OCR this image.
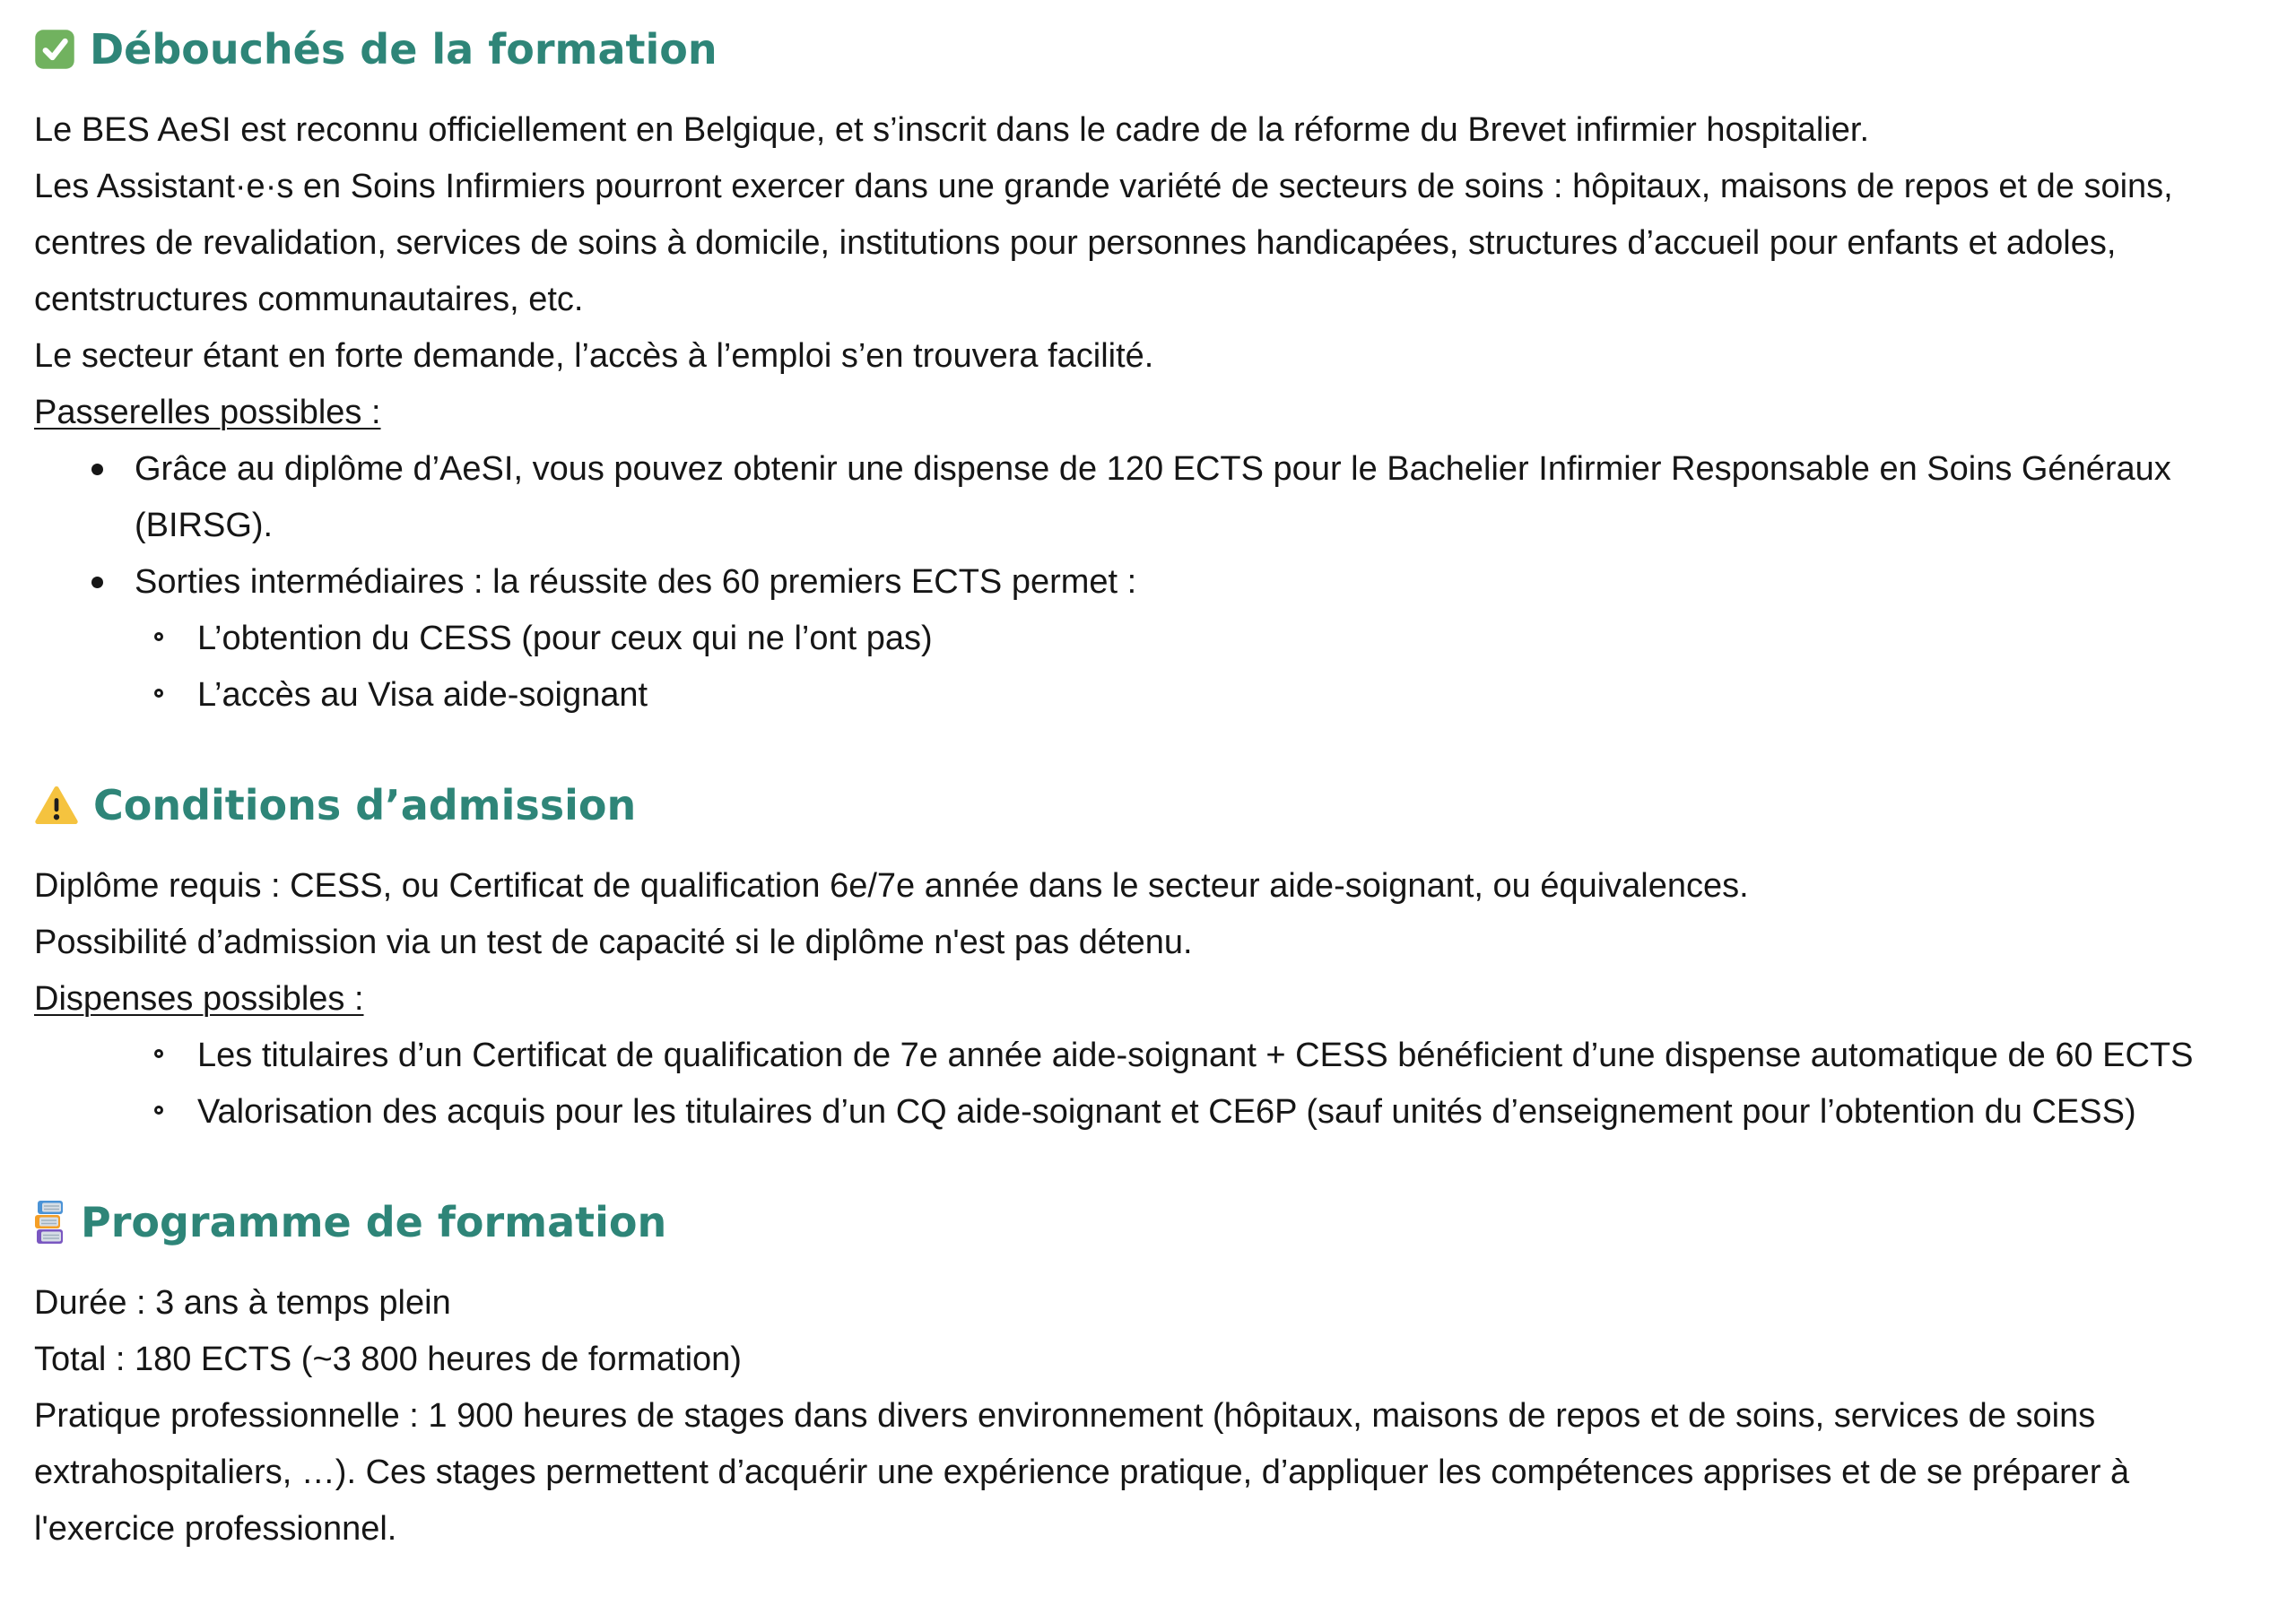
Débouchés de la formation

Le BES AeSI est reconnu officiellement en Belgique, et s’inscrit dans le cadre de la réforme du Brevet infirmier hospitalier.

Les Assistant·e·s en Soins Infirmiers pourront exercer dans une grande variété de secteurs de soins : hôpitaux, maisons de repos et de soins, centres de revalidation, services de soins à domicile, institutions pour personnes handicapées, structures d’accueil pour enfants et adoles, centstructures communautaires, etc.

Le secteur étant en forte demande, l’accès à l’emploi s’en trouvera facilité.

Passerelles possibles :

Grâce au diplôme d’AeSI, vous pouvez obtenir une dispense de 120 ECTS pour le Bachelier Infirmier Responsable en Soins Généraux (BIRSG).
Sorties intermédiaires : la réussite des 60 premiers ECTS permet :
L’obtention du CESS (pour ceux qui ne l’ont pas)
L’accès au Visa aide-soignant
Conditions d’admission

Diplôme requis : CESS, ou Certificat de qualification 6e/7e année dans le secteur aide-soignant, ou équivalences.

Possibilité d’admission via un test de capacité si le diplôme n'est pas détenu.

Dispenses possibles :

Les titulaires d’un Certificat de qualification de 7e année aide-soignant + CESS bénéficient d’une dispense automatique de 60 ECTS
Valorisation des acquis pour les titulaires d’un CQ aide-soignant et CE6P (sauf unités d’enseignement pour l’obtention du CESS)
Programme de formation

Durée : 3 ans à temps plein

Total : 180 ECTS (~3 800 heures de formation)

Pratique professionnelle : 1 900 heures de stages dans divers environnement (hôpitaux, maisons de repos et de soins, services de soins extrahospitaliers, …). Ces stages permettent d’acquérir une expérience pratique, d’appliquer les compétences apprises et de se préparer à l'exercice professionnel.
